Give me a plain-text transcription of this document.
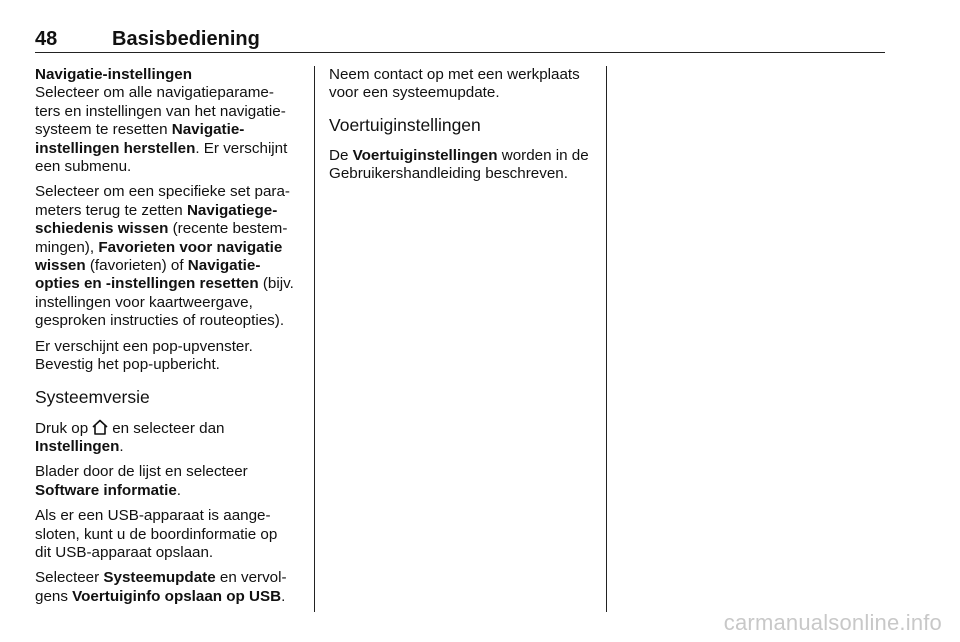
48	Basisbediening

Navigatie-instellingen

Selecteer om alle navigatieparame-
ters en instellingen van het navigatie-
systeem te resetten Navigatie-
instellingen herstellen. Er verschijnt
een submenu.

Selecteer om een specifieke set para-
meters terug te zetten Navigatiege-
schiedenis wissen (recente bestem-
mingen), Favorieten voor navigatie
wissen (favorieten) of Navigatie-
opties en -instellingen resetten (bijv.
instellingen voor kaartweergave,
gesproken instructies of routeopties).

Er verschijnt een pop-upvenster.
Bevestig het pop-upbericht.

Systeemversie

Druk op en selecteer dan
Instellingen.

Blader door de lijst en selecteer
Software informatie.

Als er een USB-apparaat is aange-
sloten, kunt u de boordinformatie op
dit USB-apparaat opslaan.

Selecteer Systeemupdate en vervol-
gens Voertuiginfo opslaan op USB.

Neem contact op met een werkplaats
voor een systeemupdate.

Voertuiginstellingen

De Voertuiginstellingen worden in de
Gebruikershandleiding beschreven.

carmanualsonline.info
